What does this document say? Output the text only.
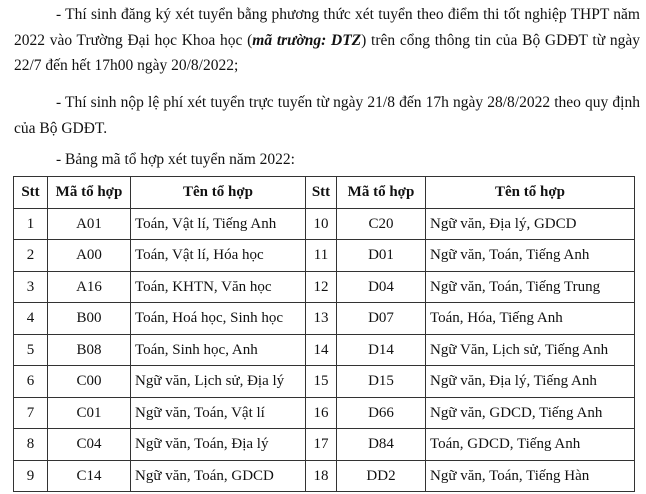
- Thí sinh đăng ký xét tuyển bằng phương thức xét tuyển theo điểm thi tốt nghiệp THPT năm 2022 vào Trường Đại học Khoa học (mã trường: DTZ) trên cổng thông tin của Bộ GDĐT từ ngày 22/7 đến hết 17h00 ngày 20/8/2022;

- Thí sinh nộp lệ phí xét tuyển trực tuyến từ ngày 21/8 đến 17h ngày 28/8/2022 theo quy định của Bộ GDĐT.

- Bảng mã tổ hợp xét tuyển năm 2022:

Stt	Mã tổ hợp	Tên tổ hợp	Stt	Mã tổ hợp	Tên tổ hợp
1	A01	Toán, Vật lí, Tiếng Anh	10	C20	Ngữ văn, Địa lý, GDCD
2	A00	Toán, Vật lí, Hóa học	11	D01	Ngữ văn, Toán, Tiếng Anh
3	A16	Toán, KHTN, Văn học	12	D04	Ngữ văn, Toán, Tiếng Trung
4	B00	Toán, Hoá học, Sinh học	13	D07	Toán, Hóa, Tiếng Anh
5	B08	Toán, Sinh học, Anh	14	D14	Ngữ Văn, Lịch sử, Tiếng Anh
6	C00	Ngữ văn, Lịch sử, Địa lý	15	D15	Ngữ văn, Địa lý, Tiếng Anh
7	C01	Ngữ văn, Toán, Vật lí	16	D66	Ngữ văn, GDCD, Tiếng Anh
8	C04	Ngữ văn, Toán, Địa lý	17	D84	Toán, GDCD, Tiếng Anh
9	C14	Ngữ văn, Toán, GDCD	18	DD2	Ngữ văn, Toán, Tiếng Hàn
